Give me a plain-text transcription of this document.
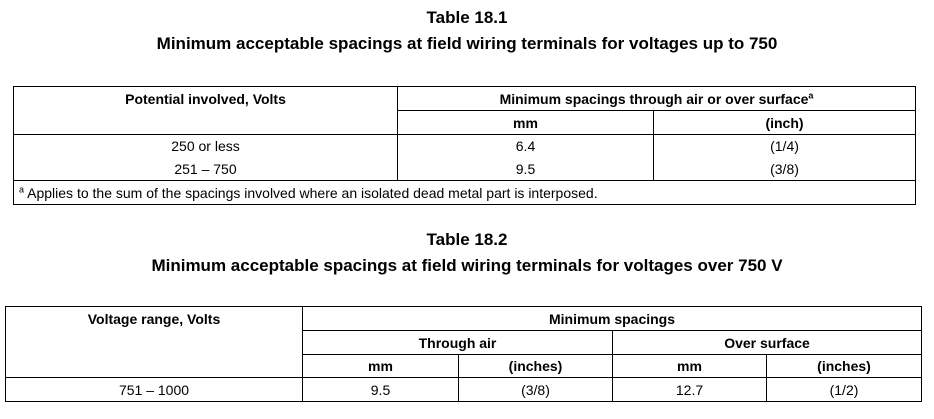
Table 18.1
Minimum acceptable spacings at field wiring terminals for voltages up to 750
Potential involved, Volts	Minimum spacings through air or over surface$^a$
	mm	(inch)
250 or less	6.4	(1/4)
251 – 750	9.5	(3/8)
$^a$ Applies to the sum of the spacings involved where an isolated dead metal part is interposed.		
Table 18.2
Minimum acceptable spacings at field wiring terminals for voltages over 750 V
Voltage range, Volts	Minimum spacings			
	Through air		Over surface	
	mm	(inches)	mm	(inches)
751 – 1000	9.5	(3/8)	12.7	(1/2)
